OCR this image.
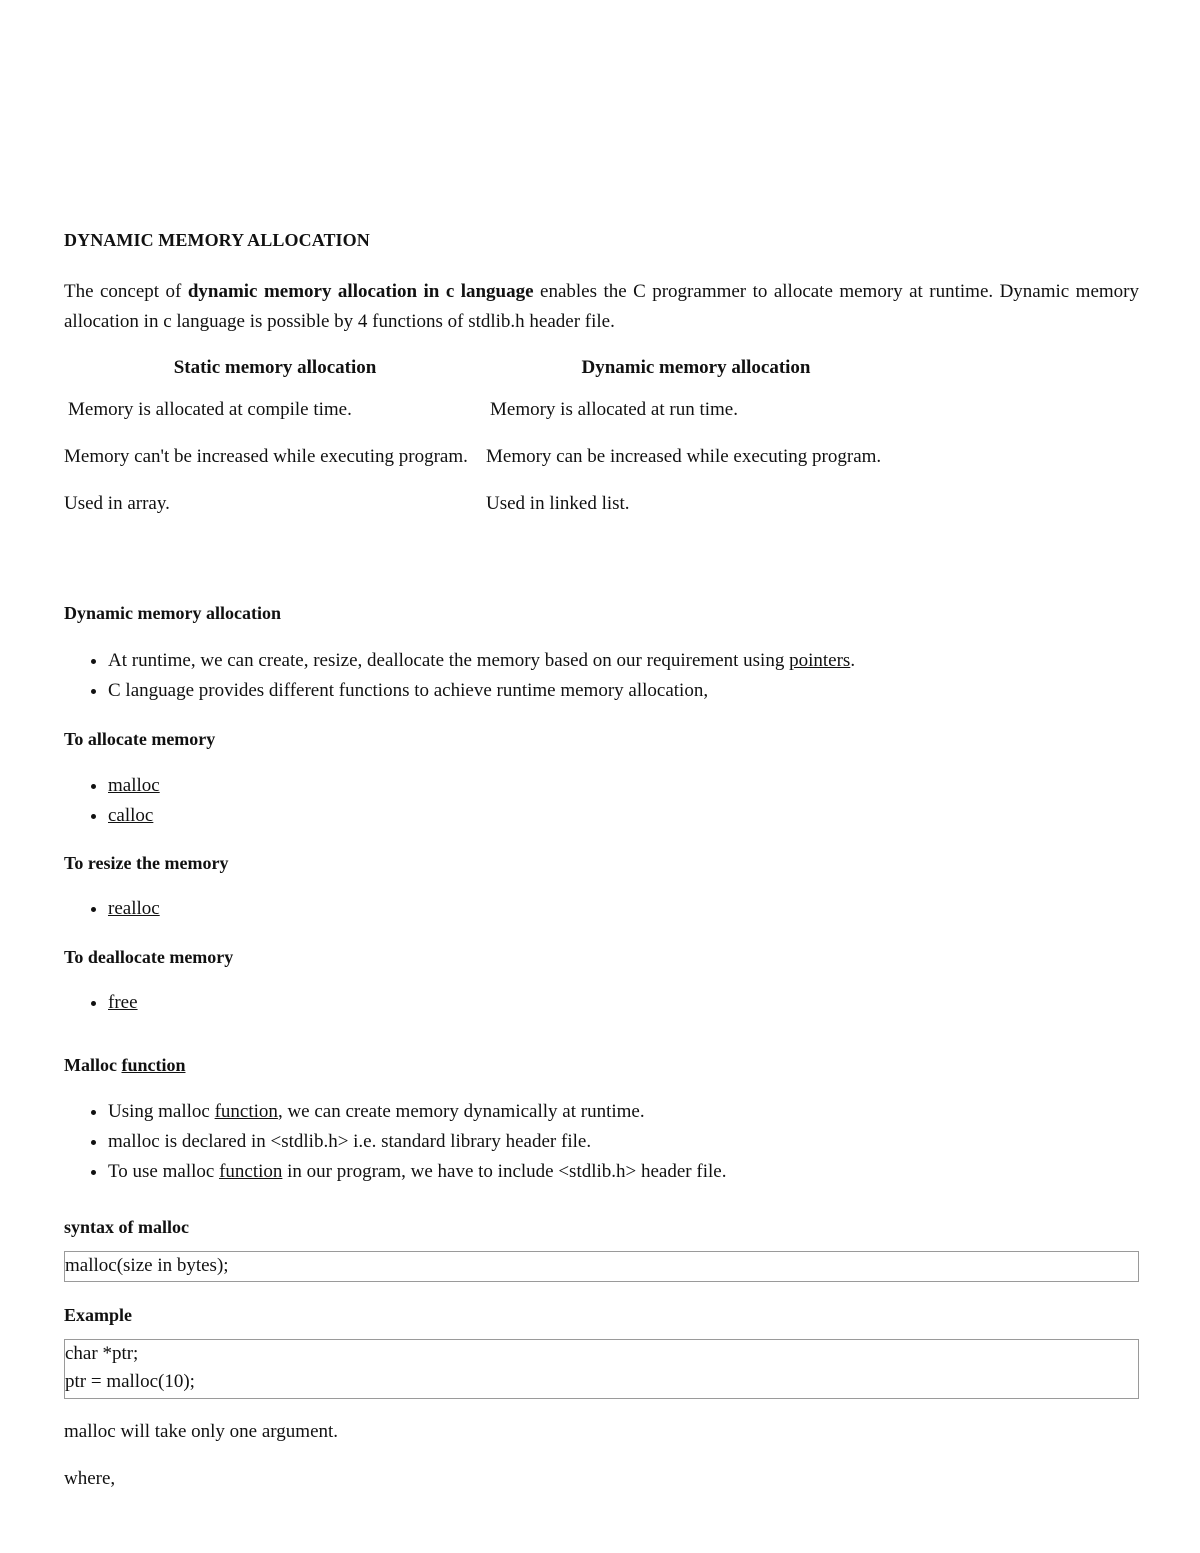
DYNAMIC MEMORY ALLOCATION
The concept of dynamic memory allocation in c language enables the C programmer to allocate memory at runtime. Dynamic memory allocation in c language is possible by 4 functions of stdlib.h header file.
Static memory allocation	Dynamic memory allocation
Memory is allocated at compile time.	Memory is allocated at run time.
Memory can't be increased while executing program.	Memory can be increased while executing program.
Used in array.	Used in linked list.
Dynamic memory allocation
• At runtime, we can create, resize, deallocate the memory based on our requirement using pointers.
• C language provides different functions to achieve runtime memory allocation,
To allocate memory
• malloc
• calloc
To resize the memory
• realloc
To deallocate memory
• free
Malloc function
• Using malloc function, we can create memory dynamically at runtime.
• malloc is declared in <stdlib.h> i.e. standard library header file.
• To use malloc function in our program, we have to include <stdlib.h> header file.
syntax of malloc
malloc(size in bytes);
Example
char *ptr;
ptr = malloc(10);
malloc will take only one argument.
where,
